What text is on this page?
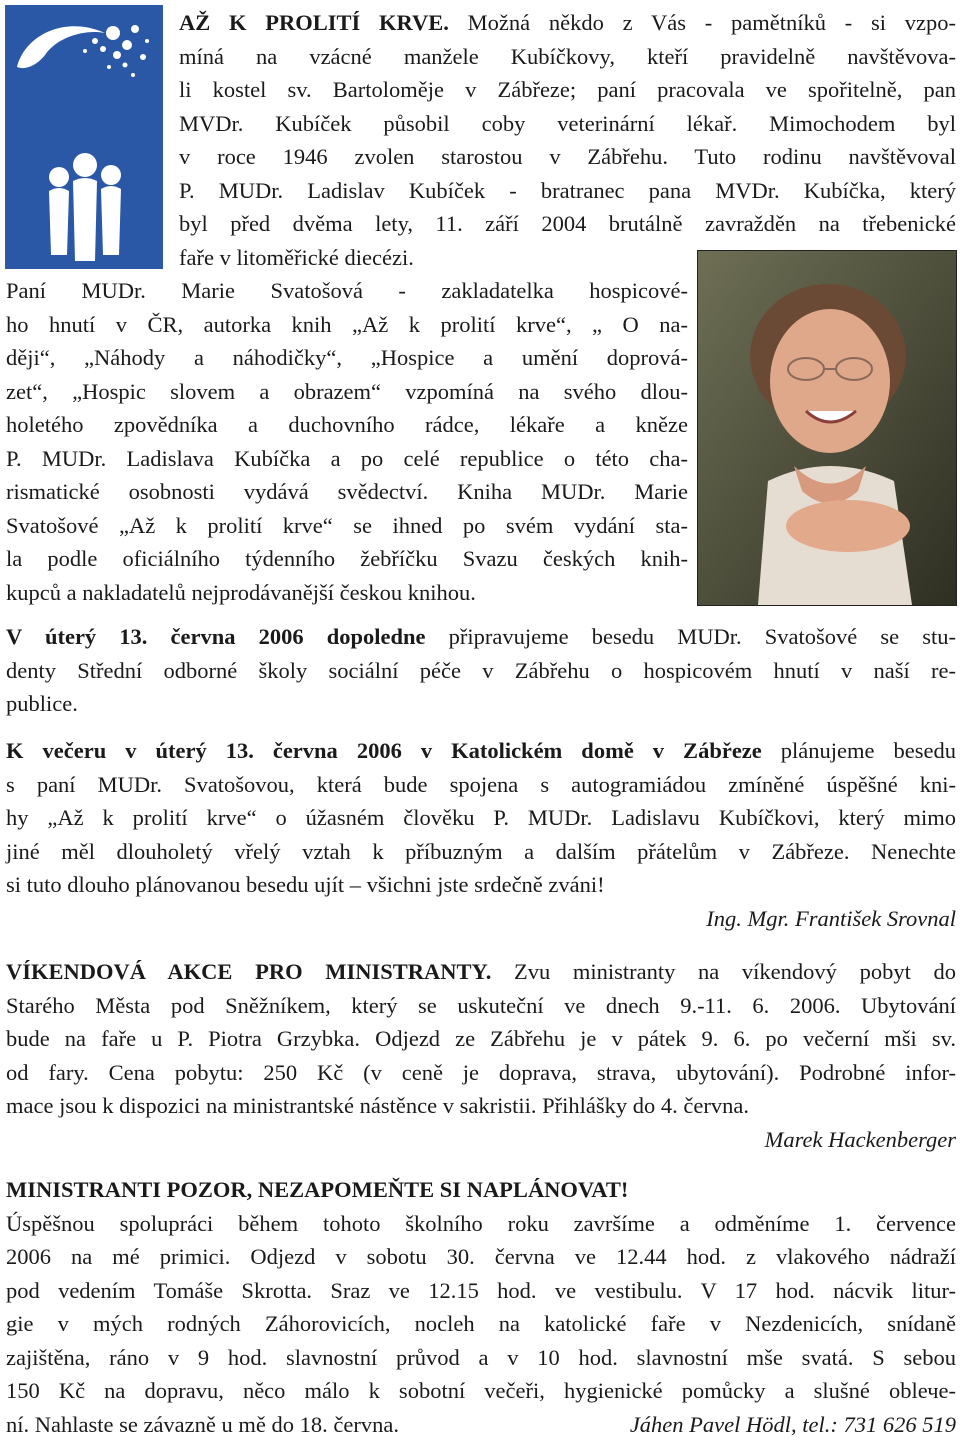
AŽ K PROLITÍ KRVE. Možná někdo z Vás - pamětníků - si vzpo-
míná na vzácné manžele Kubíčkovy, kteří pravidelně navštěvova-
li kostel sv. Bartoloměje v Zábřeze; paní pracovala ve spořitelně, pan
MVDr. Kubíček působil coby veterinární lékař. Mimochodem byl
v roce 1946 zvolen starostou v Zábřehu. Tuto rodinu navštěvoval
P. MUDr. Ladislav Kubíček - bratranec pana MVDr. Kubíčka, který
byl před dvěma lety, 11. září 2004 brutálně zavražděn na třebenické
faře v litoměřické diecézi.
Paní MUDr. Marie Svatošová - zakladatelka hospicové-
ho hnutí v ČR, autorka knih „Až k prolití krve“, „ O na-
ději“, „Náhody a náhodičky“, „Hospice a umění doprová-
zet“, „Hospic slovem a obrazem“ vzpomíná na svého dlou-
holetého zpovědníka a duchovního rádce, lékaře a kněze
P. MUDr. Ladislava Kubíčka a po celé republice o této cha-
rismatické osobnosti vydává svědectví. Kniha MUDr. Marie
Svatošové „Až k prolití krve“ se ihned po svém vydání sta-
la podle oficiálního týdenního žebříčku Svazu českých knih-
kupců a nakladatelů nejprodávanější českou knihou.
V úterý 13. června 2006 dopoledne připravujeme besedu MUDr. Svatošové se stu-
denty Střední odborné školy sociální péče v Zábřehu o hospicovém hnutí v naší re-
publice.
K večeru v úterý 13. června 2006 v Katolickém domě v Zábřeze plánujeme besedu
s paní MUDr. Svatošovou, která bude spojena s autogramiádou zmíněné úspěšné kni-
hy „Až k prolití krve“ o úžasném člověku P. MUDr. Ladislavu Kubíčkovi, který mimo
jiné měl dlouholetý vřelý vztah k příbuzným a dalším přátelům v Zábřeze. Nenechte
si tuto dlouho plánovanou besedu ujít – všichni jste srdečně zváni!
Ing. Mgr. František Srovnal
VÍKENDOVÁ AKCE PRO MINISTRANTY. Zvu ministranty na víkendový pobyt do
Starého Města pod Sněžníkem, který se uskuteční ve dnech 9.-11. 6. 2006. Ubytování
bude na faře u P. Piotra Grzybka. Odjezd ze Zábřehu je v pátek 9. 6. po večerní mši sv.
od fary. Cena pobytu: 250 Kč (v ceně je doprava, strava, ubytování). Podrobné infor-
mace jsou k dispozici na ministrantské nástěnce v sakristii. Přihlášky do 4. června.
Marek Hackenberger
MINISTRANTI POZOR, NEZAPOMEŇTE SI NAPLÁNOVAT!
Úspěšnou spolupráci během tohoto školního roku završíme a odměníme 1. července
2006 na mé primici. Odjezd v sobotu 30. června ve 12.44 hod. z vlakového nádraží
pod vedením Tomáše Skrotta. Sraz ve 12.15 hod. ve vestibulu. V 17 hod. nácvik litur-
gie v mých rodných Záhorovicích, nocleh na katolické faře v Nezdenicích, snídaně
zajištěna, ráno v 9 hod. slavnostní průvod a v 10 hod. slavnostní mše svatá. S sebou
150 Kč na dopravu, něco málo k sobotní večeři, hygienické pomůcky a slušné oblече-
ní. Nahlaste se závazně u mě do 18. června.	Jáhen Pavel Hödl, tel.: 731 626 519
